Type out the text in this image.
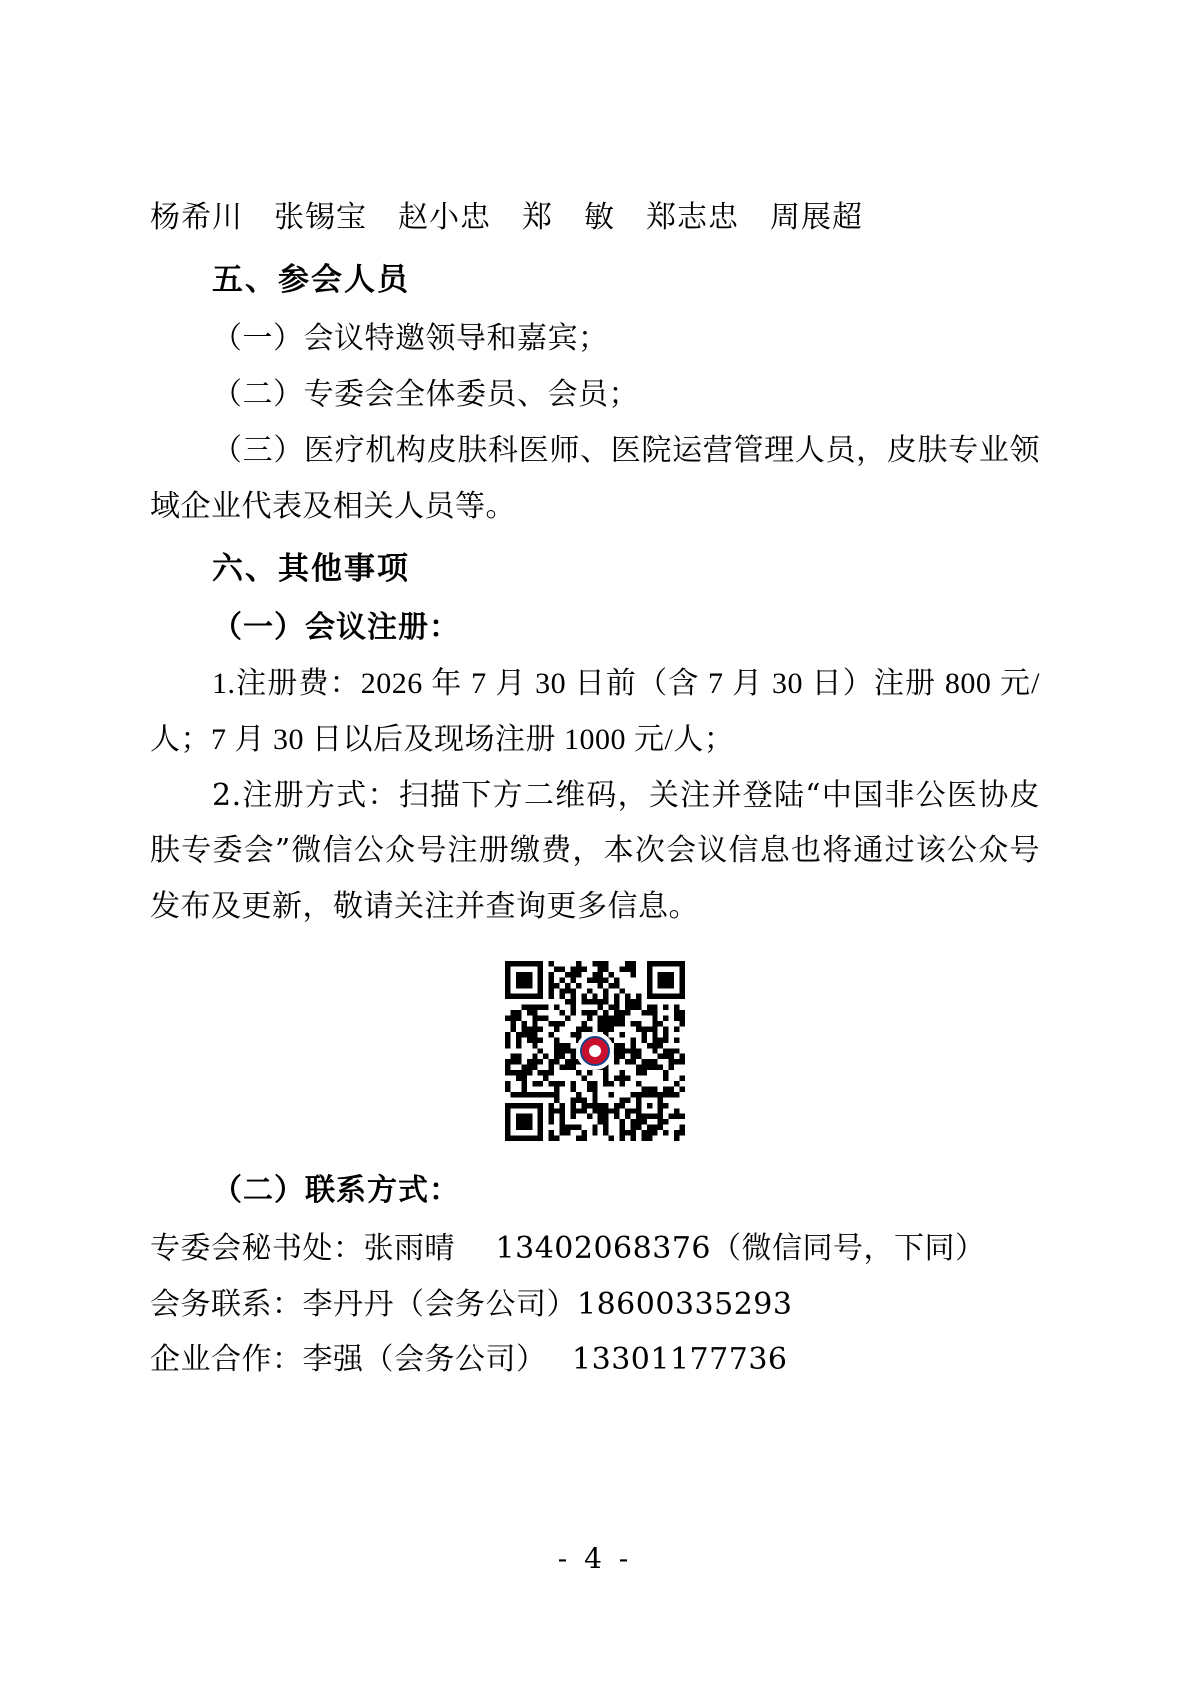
杨希川　张锡宝　赵小忠　郑　敏　郑志忠　周展超
五、参会人员

（一）会议特邀领导和嘉宾；

（二）专委会全体委员、会员；

（三）医疗机构皮肤科医师、医院运营管理人员，皮肤专业领域企业代表及相关人员等。

六、其他事项

（一）会议注册：

1.注册费：2026 年 7 月 30 日前（含 7 月 30 日）注册 800 元/人；7 月 30 日以后及现场注册 1000 元/人；

2.注册方式：扫描下方二维码，关注并登陆“中国非公医协皮肤专委会”微信公众号注册缴费，本次会议信息也将通过该公众号发布及更新，敬请关注并查询更多信息。

（二）联系方式：

专委会秘书处：张雨晴　 13402068376（微信同号，下同）

会务联系：李丹丹（会务公司）18600335293

企业合作：李强（会务公司）　 13301177736

- 4 -
